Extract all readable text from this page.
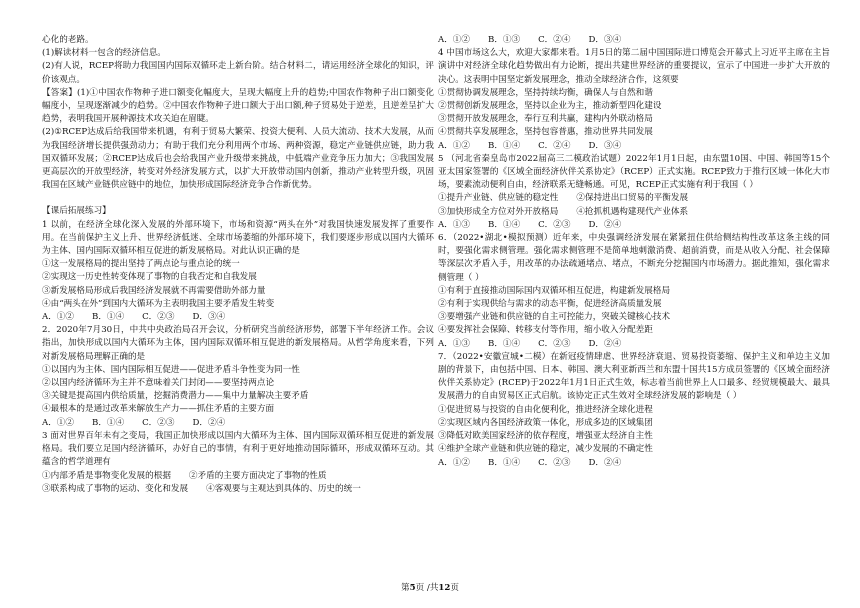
心化的老路。

(1)解读材料一包含的经济信息。

(2)有人说，RCEP将助力我国国内国际双循环走上新台阶。结合材料二，请运用经济全球化的知识，评价该观点。

【答案】(1)①中国农作物种子进口额变化幅度大，呈现大幅度上升的趋势;中国农作物种子出口额变化幅度小，呈现逐渐减少的趋势。②中国农作物种子进口额大于出口额,种子贸易处于逆差，且逆差呈扩大趋势，表明我国开展种源技术攻关迫在眉睫。

(2)①RCEP达成后给我国带来机遇，有利于贸易大繁荣、投资大便利、人员大流动、技术大发展，从而为我国经济增长提供强劲动力；有助于我们充分利用两个市场、两种资源，稳定产业链供应链，助力我国双循环发展；②RCEP达成后也会给我国产业升级带来挑战，中低端产业竞争压力加大；③我国发展更高层次的开放型经济，转变对外经济发展方式，以扩大开放带动国内创新，推动产业转型升级，巩固我国在区域产业链供应链中的地位，加快形成国际经济竞争合作新优势。

【课后拓展练习】

1 以前，在经济全球化深入发展的外部环境下，市场和资源“两头在外”对我国快速发展发挥了重要作用。在当前保护主义上升、世界经济低迷、全球市场萎缩的外部环境下，我们要逐步形成以国内大循环为主体、国内国际双循环相互促进的新发展格局。对此认识正确的是

①这一发展格局的提出坚持了两点论与重点论的统一

②实现这一历史性转变体现了事物的自我否定和自我发展

③新发展格局形成后我国经济发展就不再需要借助外部力量

④由“两头在外”到国内大循环为主表明我国主要矛盾发生转变

A．①② B．①④ C．②③ D．③④

2．2020年7月30日，中共中央政治局召开会议，分析研究当前经济形势，部署下半年经济工作。会议指出，加快形成以国内大循环为主体，国内国际双循环相互促进的新发展格局。从哲学角度来看，下列对新发展格局理解正确的是

①以国内为主体、国内国际相互促进——促进矛盾斗争性变为同一性

②以国内经济循环为主并不意味着关门封闭——要坚持两点论

③关键是提高国内供给质量，挖掘消费潜力——集中力量解决主要矛盾

④最根本的是通过改革来解放生产力——抓住矛盾的主要方面

A．①② B．①④ C．②③ D．②④

3 面对世界百年未有之变局，我国正加快形成以国内大循环为主体、国内国际双循环相互促进的新发展格局。我们要立足国内经济循环，办好自己的事情，有利于更好地推动国际循环，形成双循环互动。其蕴含的哲学道理有

①内部矛盾是事物变化发展的根据 ②矛盾的主要方面决定了事物的性质

③联系构成了事物的运动、变化和发展 ④客观要与主观达到具体的、历史的统一

A．①② B．①③ C．②④ D．③④

4 中国市场这么大，欢迎大家都来看。1月5日的第二届中国国际进口博览会开幕式上习近平主席在主旨演讲中对经济全球化趋势做出有力论断，提出共建世界经济的重要提议，宣示了中国进一步扩大开放的决心。这表明中国坚定新发展理念，推动全球经济合作，这须要

①贯彻协调发展理念，坚持持续均衡，确保人与自然和谐

②贯彻创新发展理念，坚持以企业为主，推动新型四化建设

③贯彻开放发展理念，奉行互利共赢，建构内外联动格局

④贯彻共享发展理念，坚持包容普惠，推动世界共同发展

A．①② B．①④ C．②④ D．③④

5 （河北省秦皇岛市2022届高三二模政治试题）2022年1月1日起，由东盟10国、中国、韩国等15个亚太国家签署的《区域全面经济伙伴关系协定》（RCEP）正式实施。RCEP致力于推行区域一体化大市场，要素流动便利自由，经济联系无缝畅通。可见，RCEP正式实施有利于我国（ ）

①提升产业链、供应链的稳定性 ②保持进出口贸易的平衡发展

③加快形成全方位对外开放格局 ④抢抓机遇构建现代产业体系

A．①③ B．①④ C．②③ D．②④

6．（2022•湖北•模拟预测）近年来，中央强调经济发展在紧紧扭住供给侧结构性改革这条主线的同时，要强化需求侧管理。强化需求侧管理不是简单地刺激消费、超前消费，而是从收入分配、社会保障等深层次矛盾入手，用改革的办法疏通堵点、堵点，不断充分挖掘国内市场潜力。据此推知，强化需求侧管理（ ）

①有利于直接推动国际国内双循环相互促进，构建新发展格局

②有利于实现供给与需求的动态平衡，促进经济高质量发展

③要增强产业链和供应链的自主可控能力，突破关键核心技术

④要发挥社会保障、转移支付等作用，缩小收入分配差距

A．①③ B．①④ C．②③ D．②④

7．（2022•安徽宣城•二模）在新冠疫情肆虐、世界经济衰退、贸易投资萎缩、保护主义和单边主义加剧的背景下，由包括中国、日本、韩国、澳大利亚新西兰和东盟十国共15方成员签署的《区域全面经济伙伴关系协定》(RCEP)于2022年1月1日正式生效，标志着当前世界上人口最多、经贸规模最大、最具发展潜力的自由贸易区正式启航。该协定正式生效对全球经济发展的影响是（ ）

①促进贸易与投资的自由化便利化，推进经济全球化进程

②实现区域内各国经济政策一体化，形成多边的区域集团

③降低对欧美国家经济的依存程度，增强亚太经济自主性

④维护全球产业链和供应链的稳定，减少发展的不确定性

A．①② B．①④ C．②③ D．②④

第5页 /共12页
